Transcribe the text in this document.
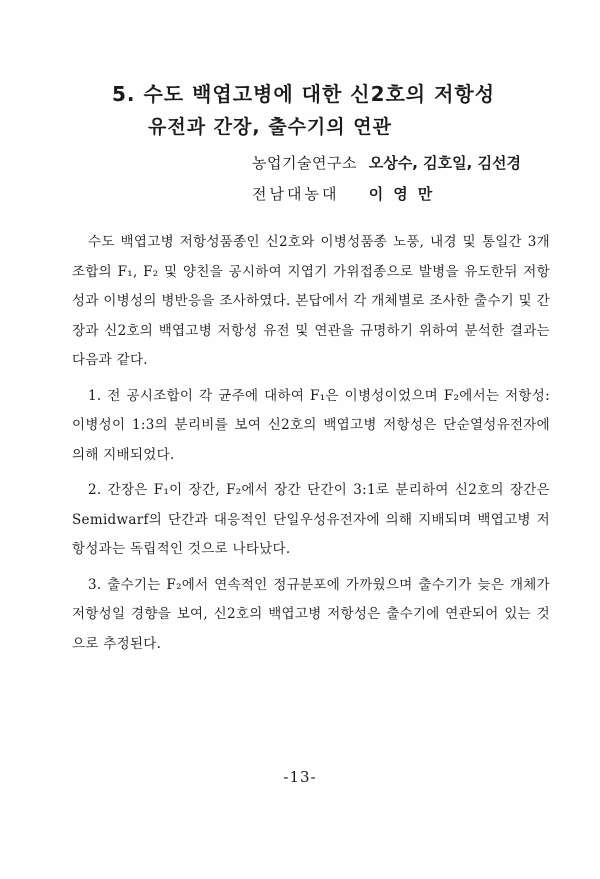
5. 수도 백엽고병에 대한 신2호의 저항성
유전과 간장, 출수기의 연관
농업기술연구소 오상수, 김호일, 김선경
전남대농대 이영만

수도 백엽고병 저항성품종인 신2호와 이병성품종 노풍, 내경 및 통일간 3개조합의 F₁, F₂ 및 양친을 공시하여 지엽기 가위접종으로 발병을 유도한뒤 저항성과 이병성의 병반응을 조사하였다. 본답에서 각 개체별로 조사한 출수기 및 간장과 신2호의 백엽고병 저항성 유전 및 연관을 규명하기 위하여 분석한 결과는 다음과 같다.

1. 전 공시조합이 각 균주에 대하여 F₁은 이병성이었으며 F₂에서는 저항성:이병성이 1:3의 분리비를 보여 신2호의 백엽고병 저항성은 단순열성유전자에 의해 지배되었다.

2. 간장은 F₁이 장간, F₂에서 장간 단간이 3:1로 분리하여 신2호의 장간은 Semidwarf의 단간과 대응적인 단일우성유전자에 의해 지배되며 백엽고병 저항성과는 독립적인 것으로 나타났다.

3. 출수기는 F₂에서 연속적인 정규분포에 가까웠으며 출수기가 늦은 개체가 저항성일 경향을 보여, 신2호의 백엽고병 저항성은 출수기에 연관되어 있는 것으로 추정된다.

-13-
